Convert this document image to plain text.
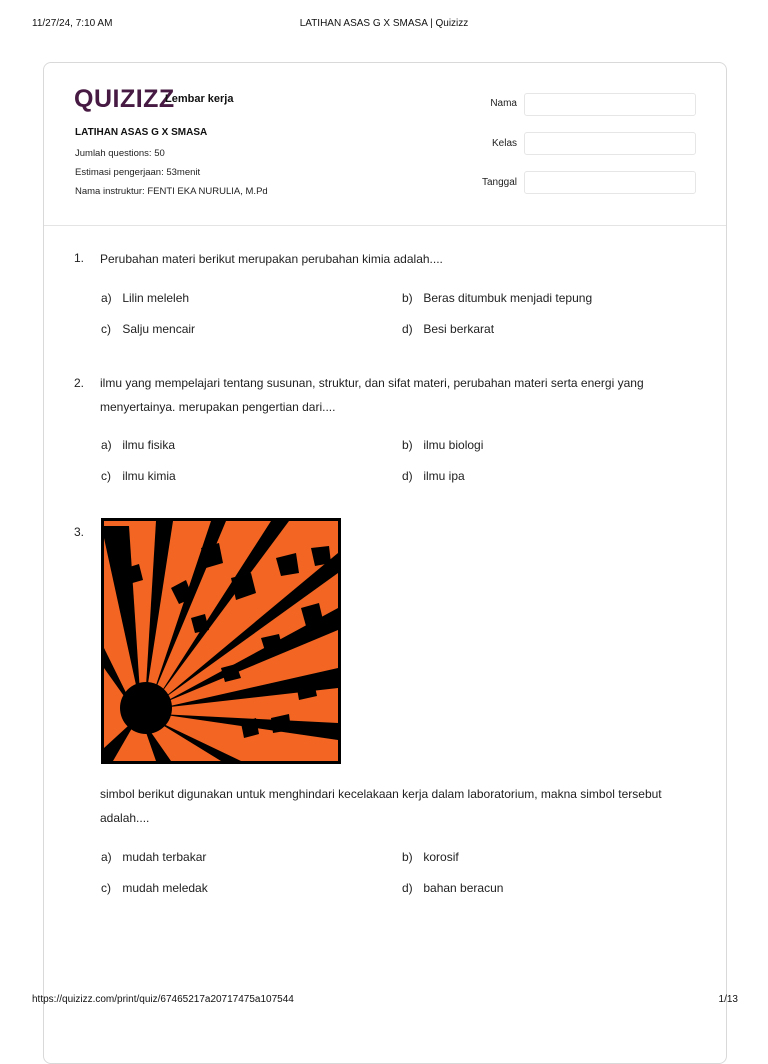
11/27/24, 7:10 AM	LATIHAN ASAS G X SMASA | Quizizz
QUIZIZZ
Lembar kerja
LATIHAN ASAS G X SMASA
Jumlah questions: 50
Estimasi pengerjaan: 53menit
Nama instruktur: FENTI EKA NURULIA, M.Pd
Nama
Kelas
Tanggal
1. Perubahan materi berikut merupakan perubahan kimia adalah....
a) Lilin meleleh	b) Beras ditumbuk menjadi tepung
c) Salju mencair	d) Besi berkarat
2. ilmu yang mempelajari tentang susunan, struktur, dan sifat materi, perubahan materi serta energi yang menyertainya. merupakan pengertian dari....
a) ilmu fisika	b) ilmu biologi
c) ilmu kimia	d) ilmu ipa
3.
simbol berikut digunakan untuk menghindari kecelakaan kerja dalam laboratorium, makna simbol tersebut adalah....
a) mudah terbakar	b) korosif
c) mudah meledak	d) bahan beracun
https://quizizz.com/print/quiz/67465217a20717475a107544	1/13
